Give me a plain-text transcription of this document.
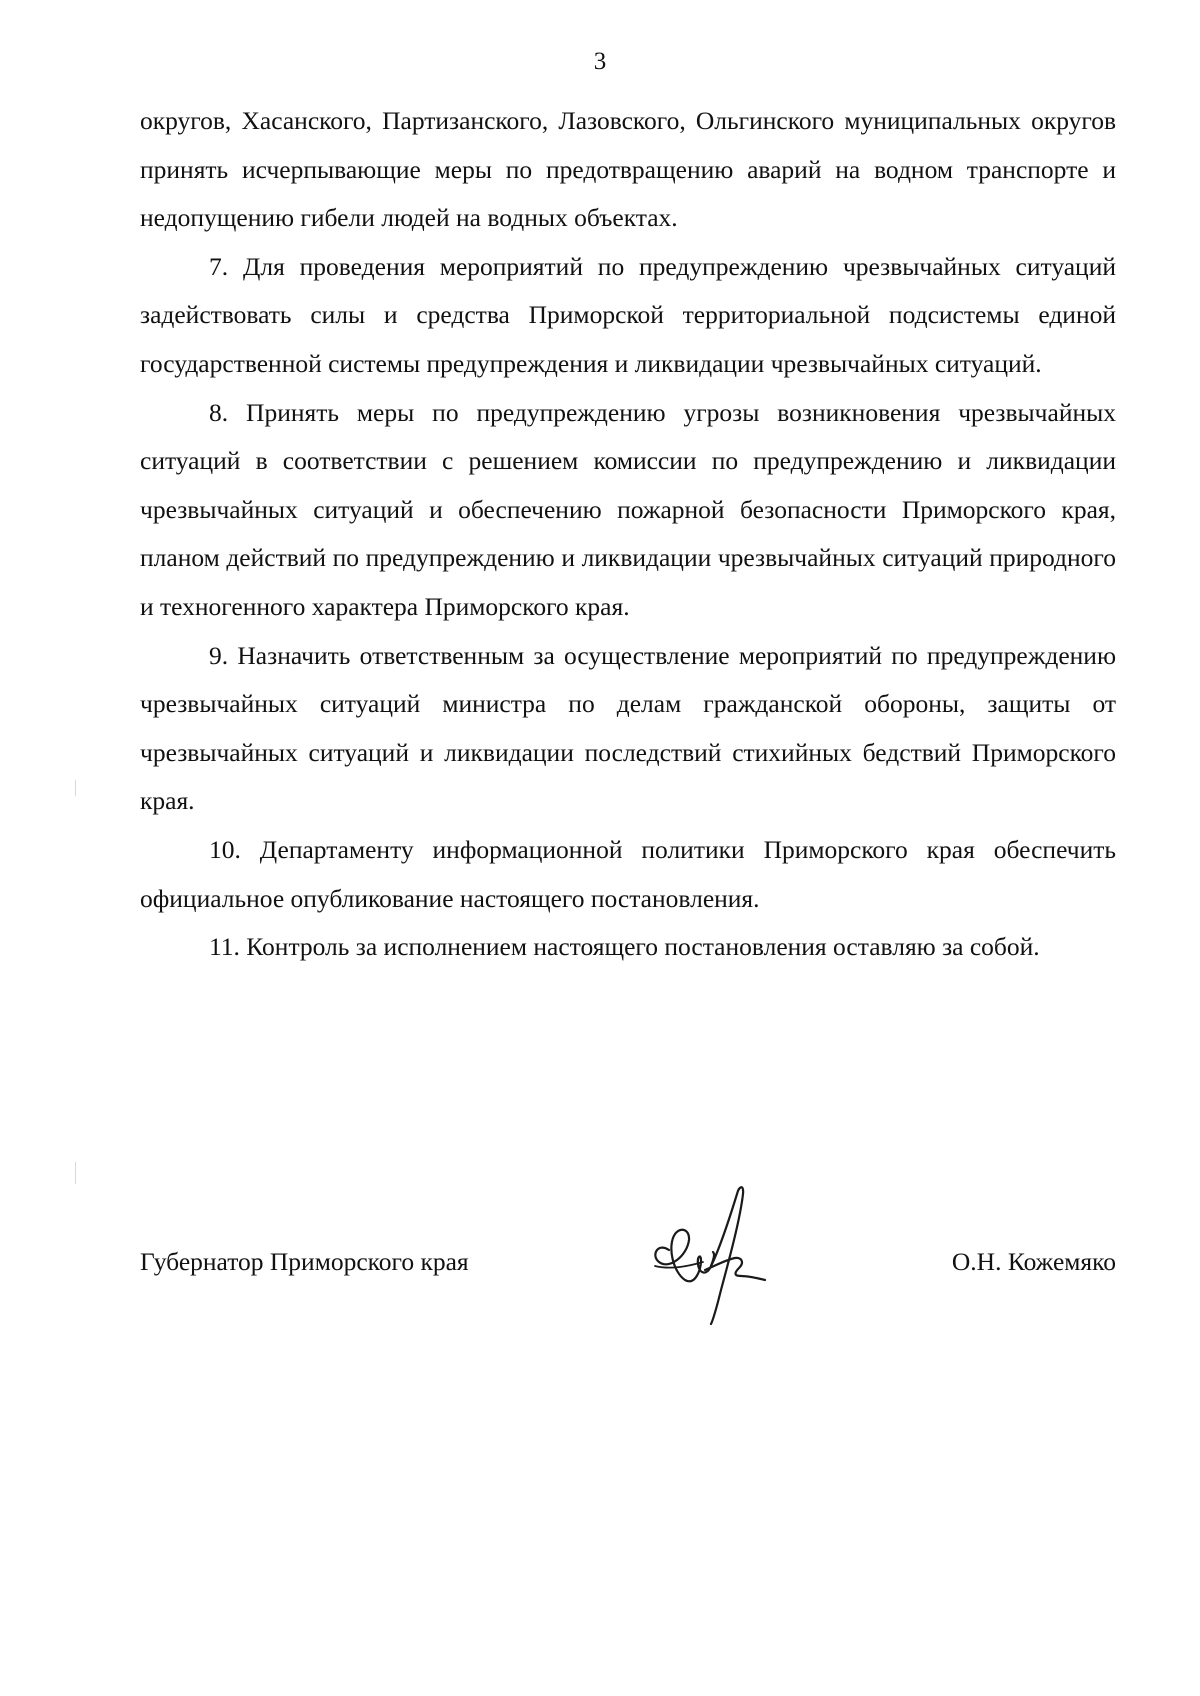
3

округов, Хасанского, Партизанского, Лазовского, Ольгинского муниципальных округов принять исчерпывающие меры по предотвращению аварий на водном транспорте и недопущению гибели людей на водных объектах.

7. Для проведения мероприятий по предупреждению чрезвычайных ситуаций задействовать силы и средства Приморской территориальной подсистемы единой государственной системы предупреждения и ликвидации чрезвычайных ситуаций.

8. Принять меры по предупреждению угрозы возникновения чрезвычайных ситуаций в соответствии с решением комиссии по предупреждению и ликвидации чрезвычайных ситуаций и обеспечению пожарной безопасности Приморского края, планом действий по предупреждению и ликвидации чрезвычайных ситуаций природного и техногенного характера Приморского края.

9. Назначить ответственным за осуществление мероприятий по предупреждению чрезвычайных ситуаций министра по делам гражданской обороны, защиты от чрезвычайных ситуаций и ликвидации последствий стихийных бедствий Приморского края.

10. Департаменту информационной политики Приморского края обеспечить официальное опубликование настоящего постановления.

11. Контроль за исполнением настоящего постановления оставляю за собой.

Губернатор Приморского края	О.Н. Кожемяко
